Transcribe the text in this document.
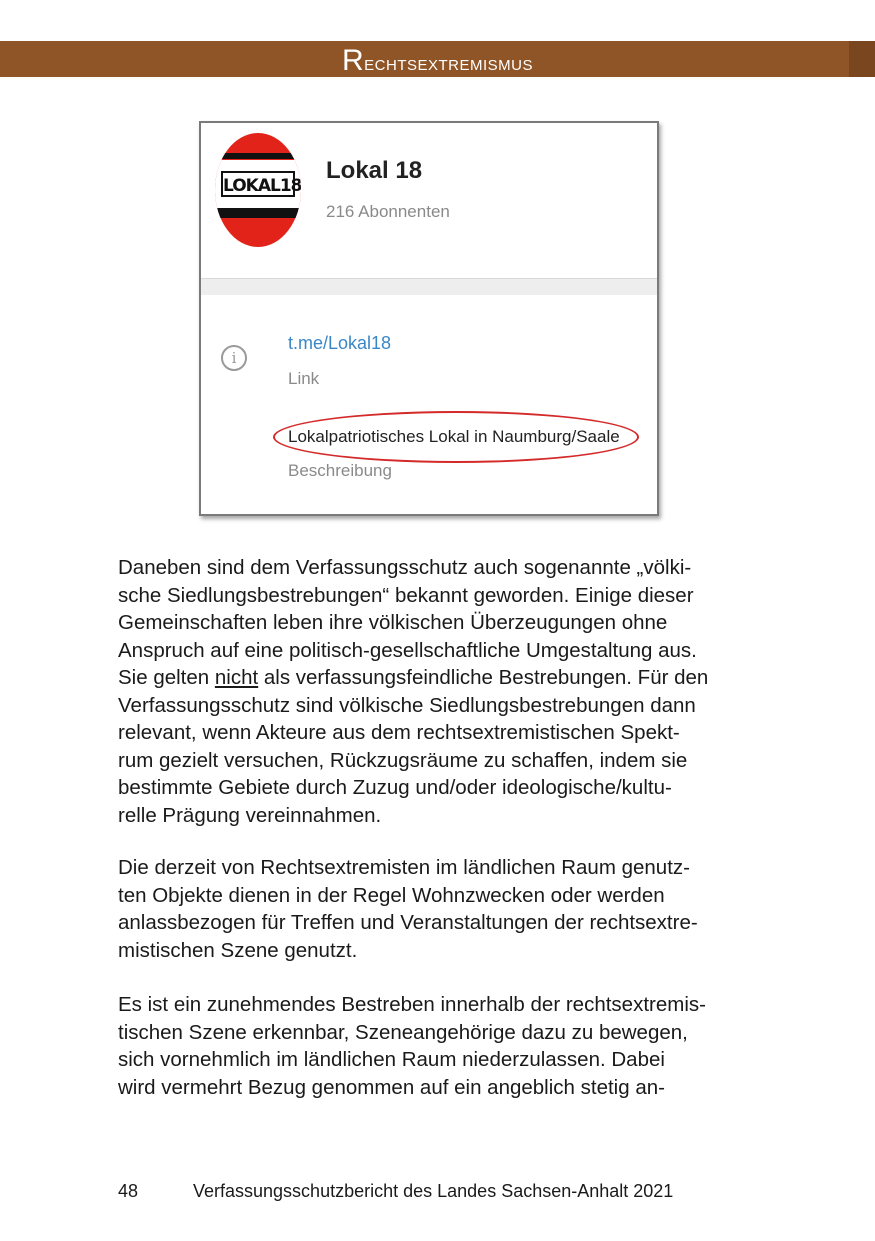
Rechtsextremismus
LOKAL18
Lokal 18
216 Abonnenten
i
t.me/Lokal18
Link
Lokalpatriotisches Lokal in Naumburg/Saale
Beschreibung

Daneben sind dem Verfassungsschutz auch sogenannte „völki-
sche Siedlungsbestrebungen“ bekannt geworden. Einige dieser
Gemeinschaften leben ihre völkischen Überzeugungen ohne
Anspruch auf eine politisch-gesellschaftliche Umgestaltung aus.
Sie gelten nicht als verfassungsfeindliche Bestrebungen. Für den
Verfassungsschutz sind völkische Siedlungsbestrebungen dann
relevant, wenn Akteure aus dem rechtsextremistischen Spekt-
rum gezielt versuchen, Rückzugsräume zu schaffen, indem sie
bestimmte Gebiete durch Zuzug und/oder ideologische/kultu-
relle Prägung vereinnahmen.

Die derzeit von Rechtsextremisten im ländlichen Raum genutz-
ten Objekte dienen in der Regel Wohnzwecken oder werden
anlassbezogen für Treffen und Veranstaltungen der rechtsextre-
mistischen Szene genutzt.

Es ist ein zunehmendes Bestreben innerhalb der rechtsextremis-
tischen Szene erkennbar, Szeneangehörige dazu zu bewegen,
sich vornehmlich im ländlichen Raum niederzulassen. Dabei
wird vermehrt Bezug genommen auf ein angeblich stetig an-

48	Verfassungsschutzbericht des Landes Sachsen-Anhalt 2021
